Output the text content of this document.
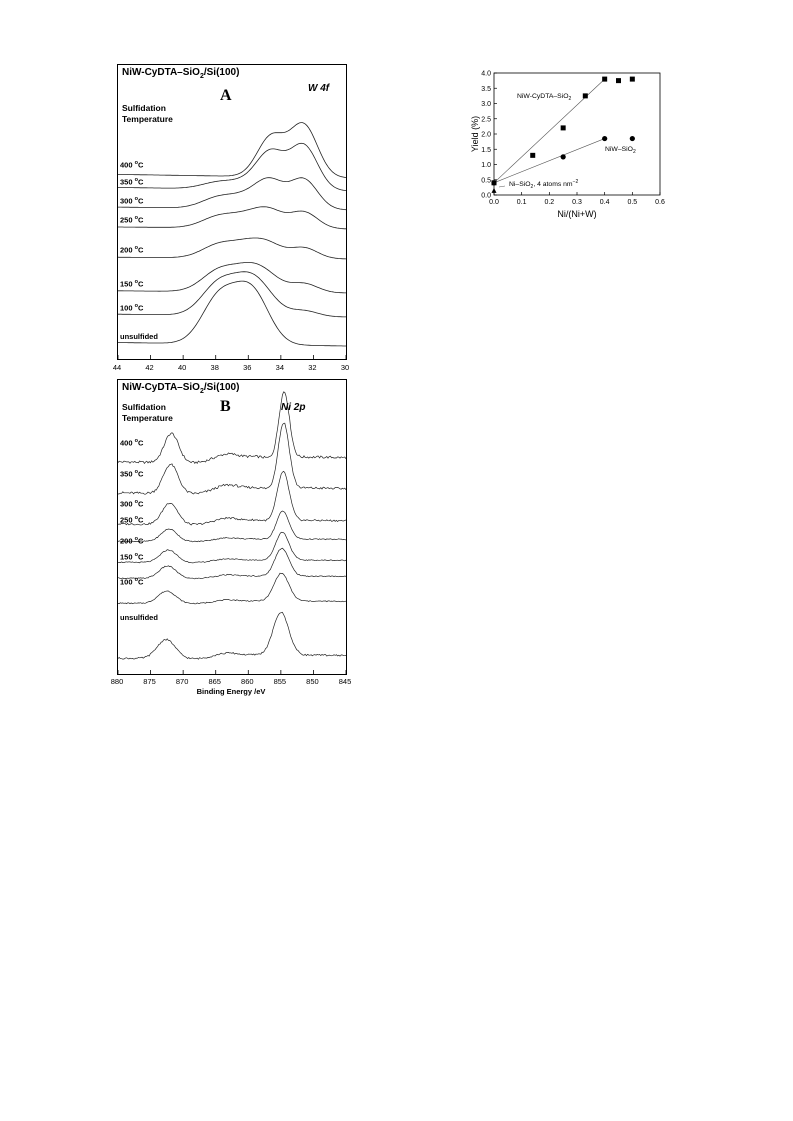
NiW-CyDTA–SiO$_2$/Si(100)
A	W 4f
Sulfidation
Temperature
400 $^o$C
350 $^o$C
300 $^o$C
250 $^o$C
200 $^o$C
150 $^o$C
100 $^o$C
unsulfided
44	42	40	38	36	34	32	30
NiW-CyDTA–SiO$_2$/Si(100)
B	Ni 2p
Sulfidation
Temperature
400 $^o$C
350 $^o$C
300 $^o$C
250 $^o$C
200 $^o$C
150 $^o$C
100 $^o$C
unsulfided
880	875	870	865	860	855	850	845
Binding Energy /eV
0.0
0.5
1.0
1.5
2.0
2.5
3.0
3.5
4.0
0.0	0.1	0.2	0.3	0.4	0.5	0.6
Ni/(Ni+W)
Yield (%)
NiW-CyDTA–SiO$_2$
NiW–SiO$_2$
Ni–SiO$_2$, 4 atoms $nm^{-2}$
